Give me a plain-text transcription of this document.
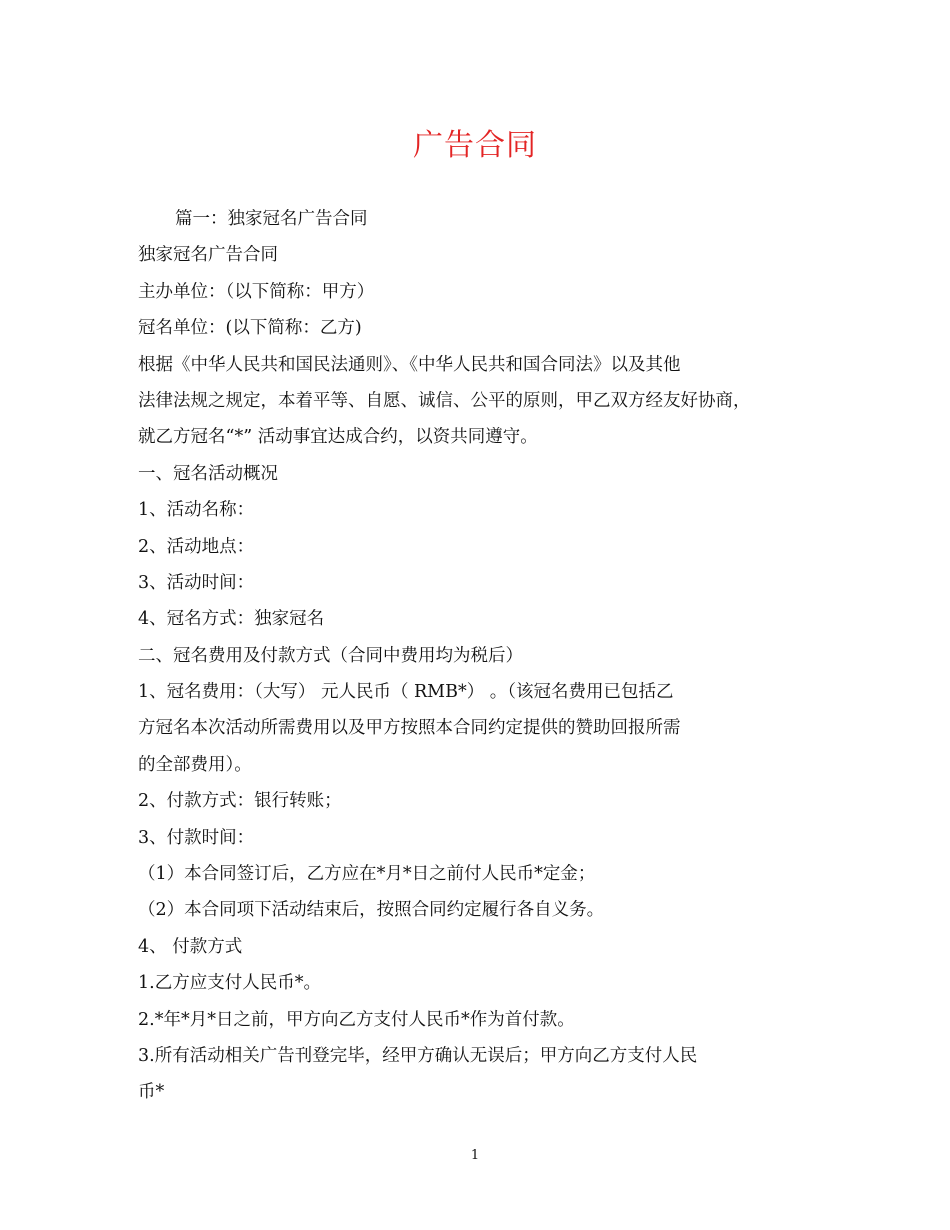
广告合同
篇一：独家冠名广告合同
独家冠名广告合同
主办单位：（以下简称：甲方）
冠名单位：(以下简称：乙方)
根据《中华人民共和国民法通则》、《中华人民共和国合同法》以及其他
法律法规之规定，本着平等、自愿、诚信、公平的原则，甲乙双方经友好协商，
就乙方冠名“*” 活动事宜达成合约，以资共同遵守。
一、冠名活动概况
1、活动名称：
2、活动地点：
3、活动时间：
4、冠名方式：独家冠名
二、冠名费用及付款方式（合同中费用均为税后）
1、冠名费用：（大写） 元人民币（ RMB*） 。（该冠名费用已包括乙
方冠名本次活动所需费用以及甲方按照本合同约定提供的赞助回报所需
的全部费用）。
2、付款方式：银行转账；
3、付款时间：
（1）本合同签订后，乙方应在*月*日之前付人民币*定金；
（2）本合同项下活动结束后，按照合同约定履行各自义务。
4、 付款方式
1.乙方应支付人民币*。
2.*年*月*日之前，甲方向乙方支付人民币*作为首付款。
3.所有活动相关广告刊登完毕，经甲方确认无误后；甲方向乙方支付人民
币*
1
